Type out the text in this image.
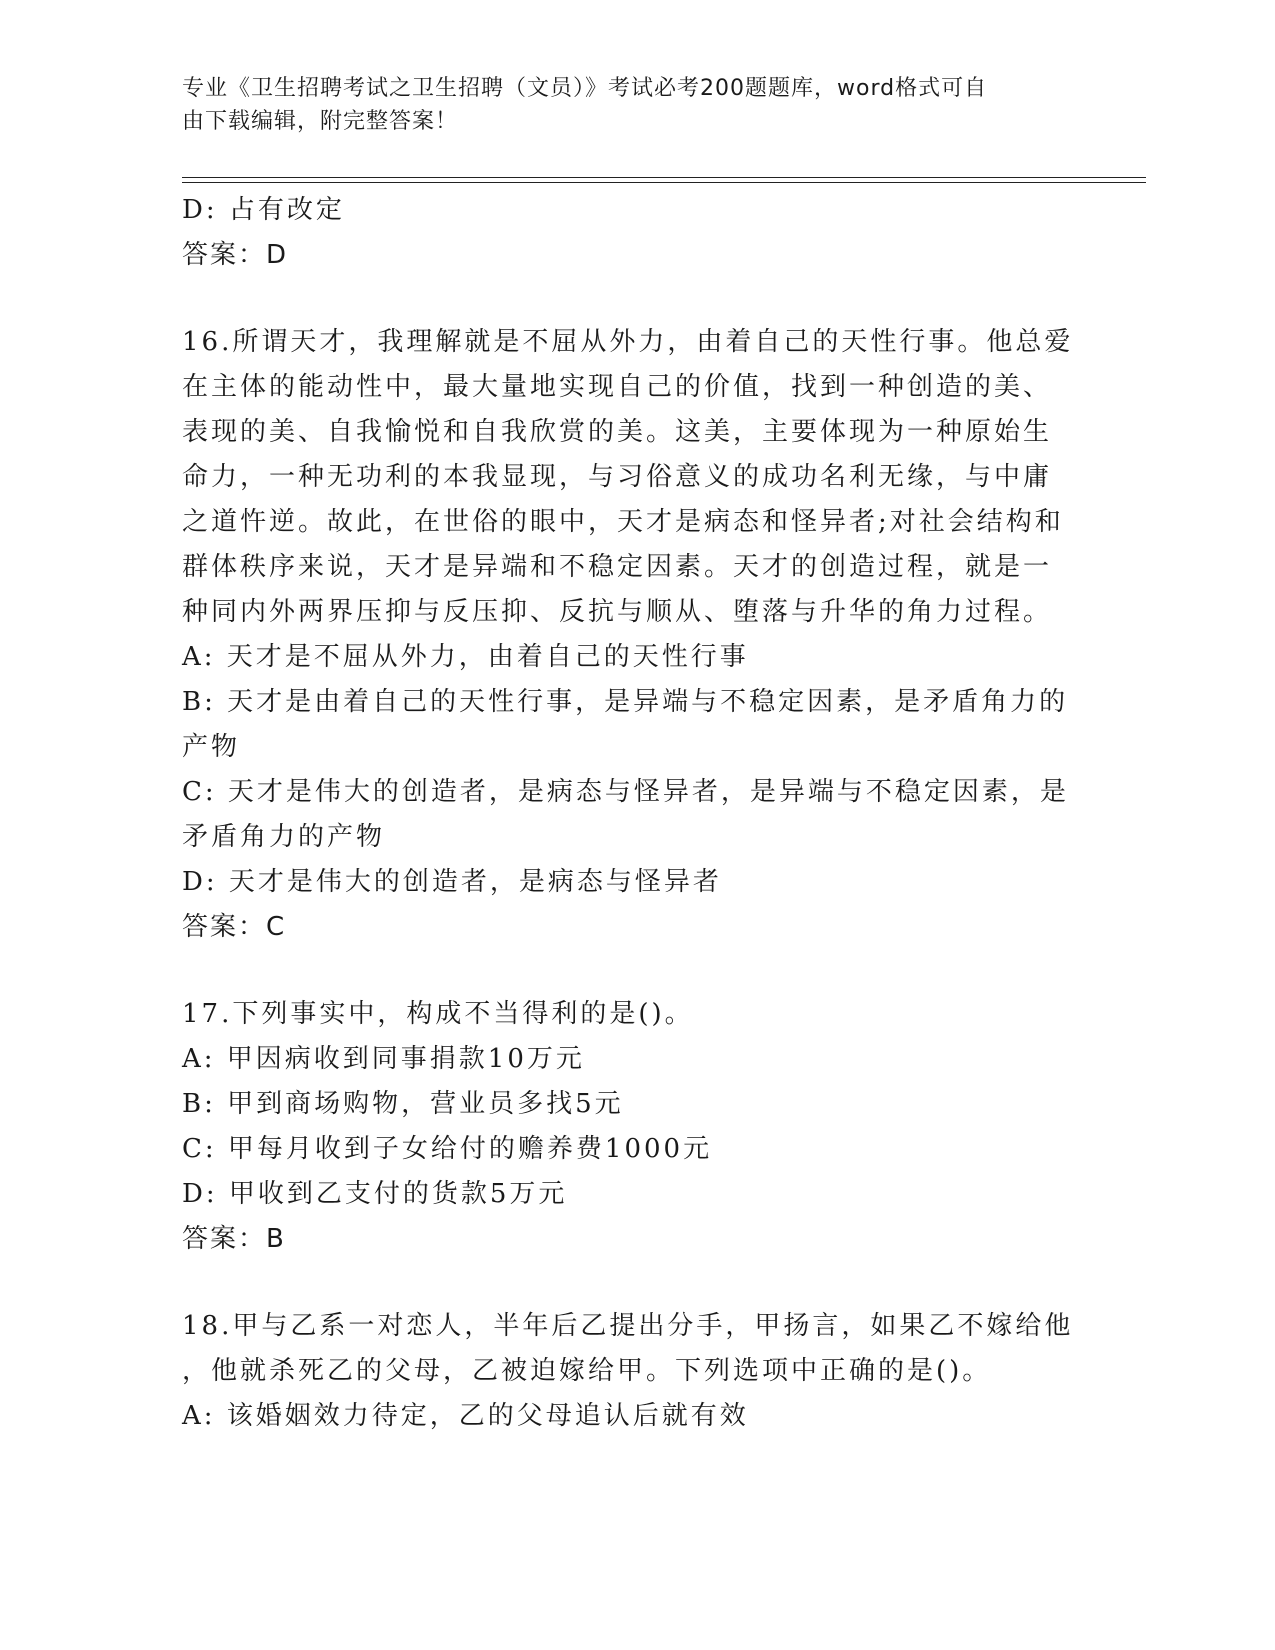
专业《卫生招聘考试之卫生招聘（文员）》考试必考200题题库，word格式可自
由下载编辑，附完整答案！
D: 占有改定
答案：D
16.所谓天才，我理解就是不屈从外力，由着自己的天性行事。他总爱
在主体的能动性中，最大量地实现自己的价值，找到一种创造的美、
表现的美、自我愉悦和自我欣赏的美。这美，主要体现为一种原始生
命力，一种无功利的本我显现，与习俗意义的成功名利无缘，与中庸
之道忤逆。故此，在世俗的眼中，天才是病态和怪异者;对社会结构和
群体秩序来说，天才是异端和不稳定因素。天才的创造过程，就是一
种同内外两界压抑与反压抑、反抗与顺从、堕落与升华的角力过程。
A: 天才是不屈从外力，由着自己的天性行事
B: 天才是由着自己的天性行事，是异端与不稳定因素，是矛盾角力的
产物
C: 天才是伟大的创造者，是病态与怪异者，是异端与不稳定因素，是
矛盾角力的产物
D: 天才是伟大的创造者，是病态与怪异者
答案：C
17.下列事实中，构成不当得利的是()。
A: 甲因病收到同事捐款10万元
B: 甲到商场购物，营业员多找5元
C: 甲每月收到子女给付的赡养费1000元
D: 甲收到乙支付的货款5万元
答案：B
18.甲与乙系一对恋人，半年后乙提出分手，甲扬言，如果乙不嫁给他
，他就杀死乙的父母，乙被迫嫁给甲。下列选项中正确的是()。
A: 该婚姻效力待定，乙的父母追认后就有效
